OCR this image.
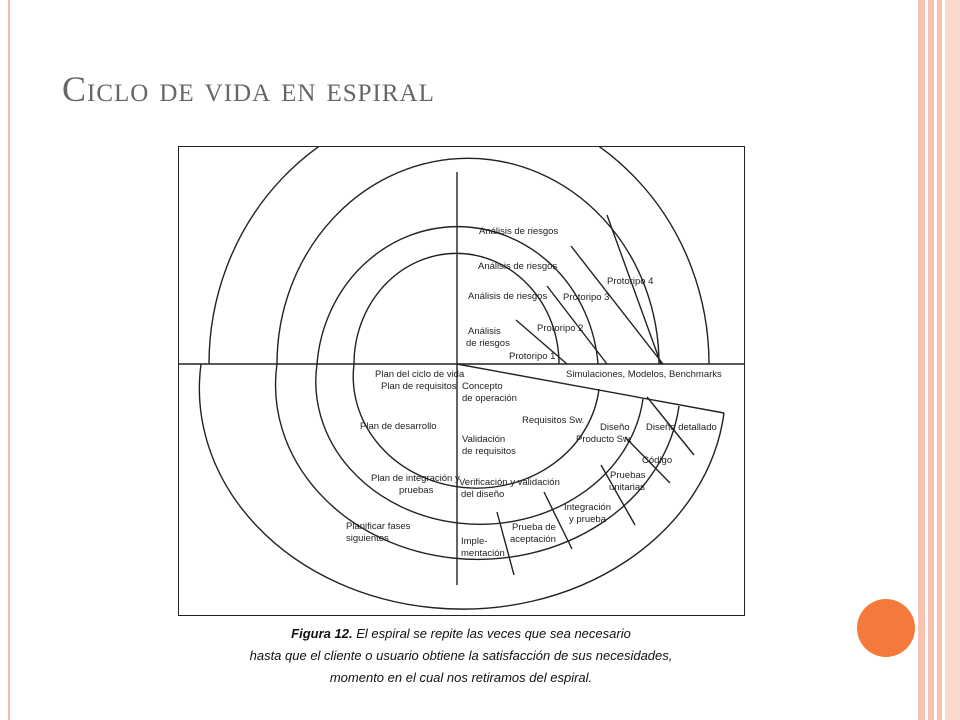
Ciclo de vida en espiral
Análisis de riesgos
Análisis de riesgos
Análisis de riesgos
Análisis
de riesgos
Protoripo 4
Protoripo 3
Protoripo 2
Protoripo 1
Simulaciones, Modelos, Benchmarks
Plan del ciclo de vida
Plan de requisitos Concepto
de operación
Requisitos Sw.
Diseño
Producto Sw.
Diseño detallado
Plan de desarrollo
Validación
de requisitos
Código
Pruebas
unitarias
Plan de integración y
pruebas
Verificación y validación
del diseño
Integración
y prueba
Planificar fases
siguientes
Prueba de
aceptación
Imple-
mentación
Figura 12. El espiral se repite las veces que sea necesario
hasta que el cliente o usuario obtiene la satisfacción de sus necesidades,
momento en el cual nos retiramos del espiral.
